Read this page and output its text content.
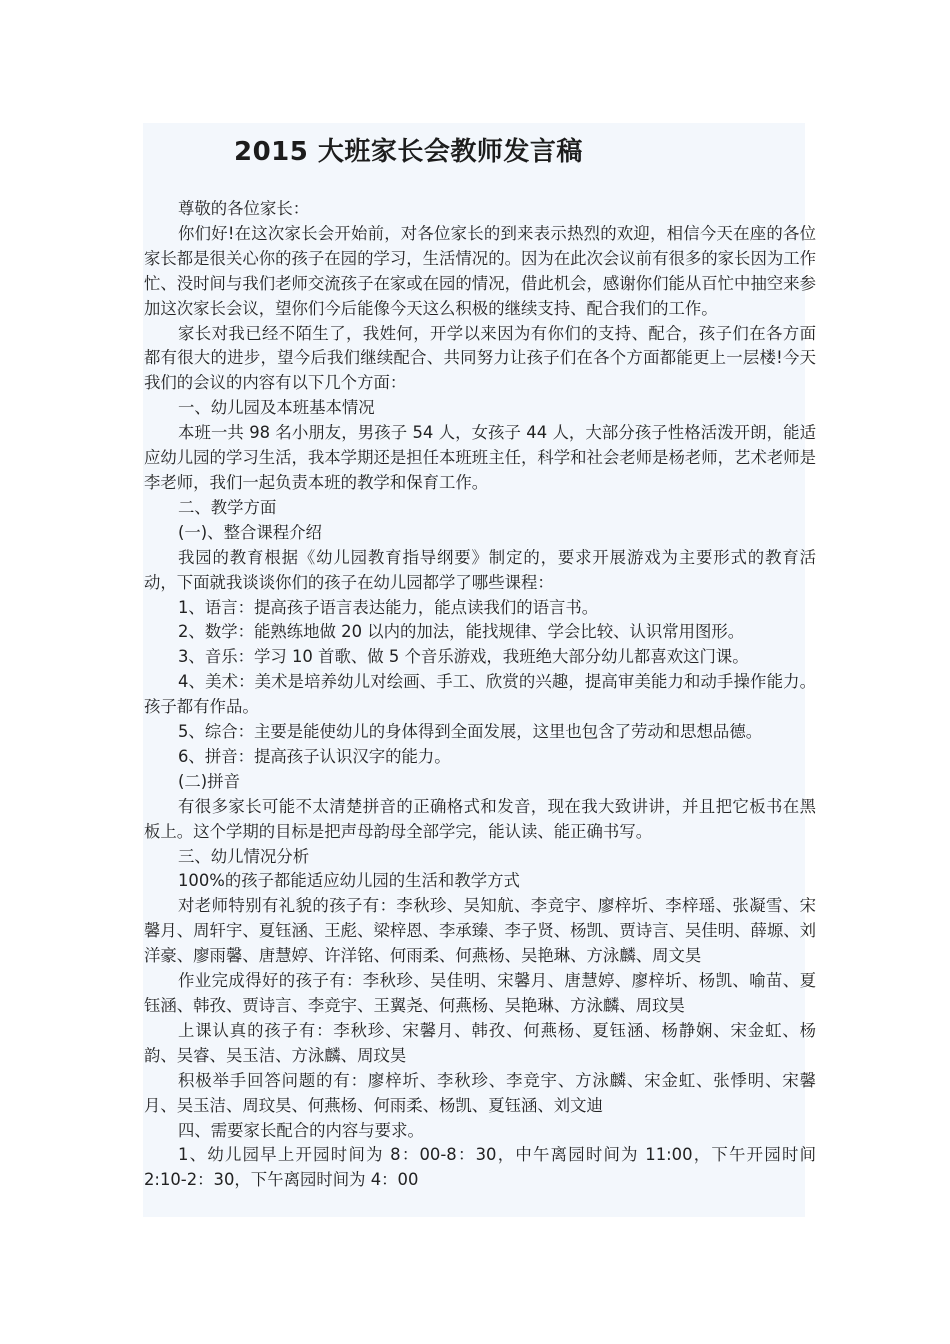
2015 大班家长会教师发言稿

尊敬的各位家长：

你们好!在这次家长会开始前，对各位家长的到来表示热烈的欢迎，相信今天在座的各位家长都是很关心你的孩子在园的学习，生活情况的。因为在此次会议前有很多的家长因为工作忙、没时间与我们老师交流孩子在家或在园的情况，借此机会，感谢你们能从百忙中抽空来参加这次家长会议，望你们今后能像今天这么积极的继续支持、配合我们的工作。

家长对我已经不陌生了，我姓何，开学以来因为有你们的支持、配合，孩子们在各方面都有很大的进步，望今后我们继续配合、共同努力让孩子们在各个方面都能更上一层楼!今天我们的会议的内容有以下几个方面：

一、幼儿园及本班基本情况

本班一共 98 名小朋友，男孩子 54 人，女孩子 44 人，大部分孩子性格活泼开朗，能适应幼儿园的学习生活，我本学期还是担任本班班主任，科学和社会老师是杨老师，艺术老师是李老师，我们一起负责本班的教学和保育工作。

二、教学方面

(一)、整合课程介绍

我园的教育根据《幼儿园教育指导纲要》制定的，要求开展游戏为主要形式的教育活动，下面就我谈谈你们的孩子在幼儿园都学了哪些课程：

1、语言：提高孩子语言表达能力，能点读我们的语言书。

2、数学：能熟练地做 20 以内的加法，能找规律、学会比较、认识常用图形。

3、音乐：学习 10 首歌、做 5 个音乐游戏，我班绝大部分幼儿都喜欢这门课。

4、美术：美术是培养幼儿对绘画、手工、欣赏的兴趣，提高审美能力和动手操作能力。孩子都有作品。

5、综合：主要是能使幼儿的身体得到全面发展，这里也包含了劳动和思想品德。

6、拼音：提高孩子认识汉字的能力。

(二)拼音

有很多家长可能不太清楚拼音的正确格式和发音，现在我大致讲讲，并且把它板书在黑板上。这个学期的目标是把声母韵母全部学完，能认读、能正确书写。

三、幼儿情况分析

100%的孩子都能适应幼儿园的生活和教学方式

对老师特别有礼貌的孩子有：李秋珍、吴知航、李竞宇、廖梓圻、李梓瑶、张凝雪、宋馨月、周轩宇、夏钰涵、王彪、梁梓恩、李承臻、李子贤、杨凯、贾诗言、吴佳明、薛塬、刘洋豪、廖雨馨、唐慧婷、许洋铭、何雨柔、何燕杨、吴艳琳、方泳麟、周文昊

作业完成得好的孩子有：李秋珍、吴佳明、宋馨月、唐慧婷、廖梓圻、杨凯、喻苗、夏钰涵、韩孜、贾诗言、李竞宇、王翼尧、何燕杨、吴艳琳、方泳麟、周玟昊

上课认真的孩子有：李秋珍、宋馨月、韩孜、何燕杨、夏钰涵、杨静娴、宋金虹、杨韵、吴睿、吴玉洁、方泳麟、周玟昊

积极举手回答问题的有：廖梓圻、李秋珍、李竞宇、方泳麟、宋金虹、张悸明、宋馨月、吴玉洁、周玟昊、何燕杨、何雨柔、杨凯、夏钰涵、刘文迪

四、需要家长配合的内容与要求。

1、幼儿园早上开园时间为 8：00-8：30，中午离园时间为 11:00，下午开园时间 2:10-2：30，下午离园时间为 4：00
